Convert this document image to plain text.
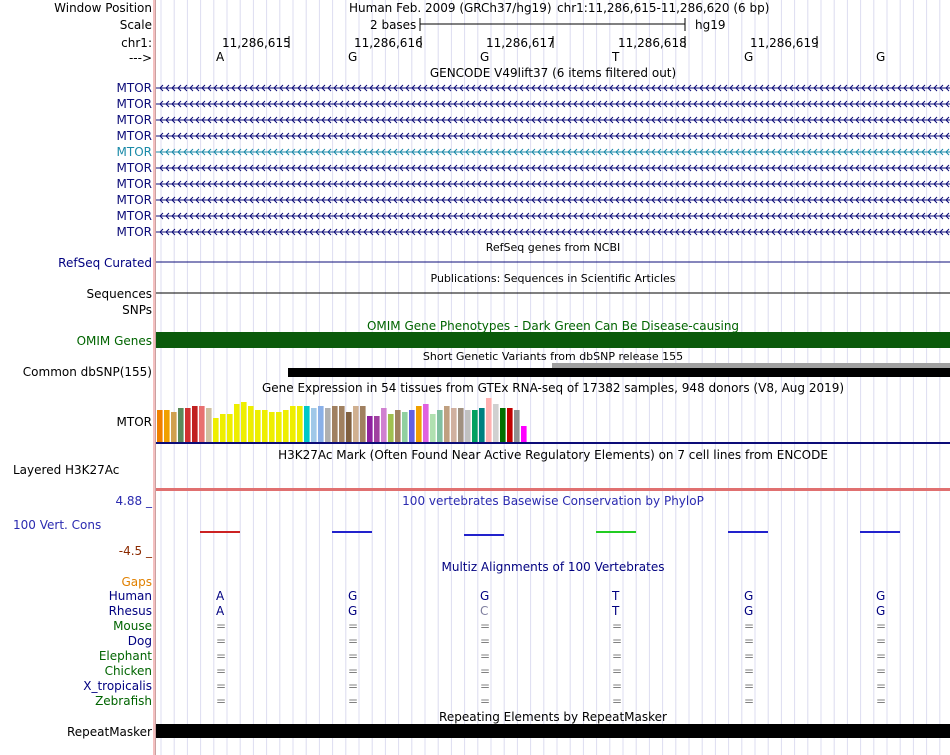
Window Position	Human Feb. 2009 (GRCh37/hg19) chr1:11,286,615-11,286,620 (6 bp)
Scale	2 bases	hg19
chr1:
--->
GENCODE V49lift37 (6 items filtered out)
RefSeq genes from NCBI
RefSeq Curated
Publications: Sequences in Scientific Articles
Sequences
SNPs
OMIM Gene Phenotypes - Dark Green Can Be Disease-causing
OMIM Genes
Short Genetic Variants from dbSNP release 155
Common dbSNP(155)
Gene Expression in 54 tissues from GTEx RNA-seq of 17382 samples, 948 donors (V8, Aug 2019)
MTOR
H3K27Ac Mark (Often Found Near Active Regulatory Elements) on 7 cell lines from ENCODE
Layered H3K27Ac
100 vertebrates Basewise Conservation by PhyloP
4.88 _
100 Vert. Cons
-4.5 _
Multiz Alignments of 100 Vertebrates
Gaps
Repeating Elements by RepeatMasker
RepeatMasker
11,286,615	11,286,616	11,286,617	11,286,618	11,286,619
A	G	G	T	G	G
MTOR
MTOR
MTOR
MTOR
MTOR
MTOR
MTOR
MTOR
MTOR
MTOR
Human	A	G	G	T	G	G
Rhesus	A	G	C	T	G	G
Mouse	=	=	=	=	=	=
Dog	=	=	=	=	=	=
Elephant	=	=	=	=	=	=
Chicken	=	=	=	=	=	=
X_tropicalis	=	=	=	=	=	=
Zebrafish	=	=	=	=	=	=
